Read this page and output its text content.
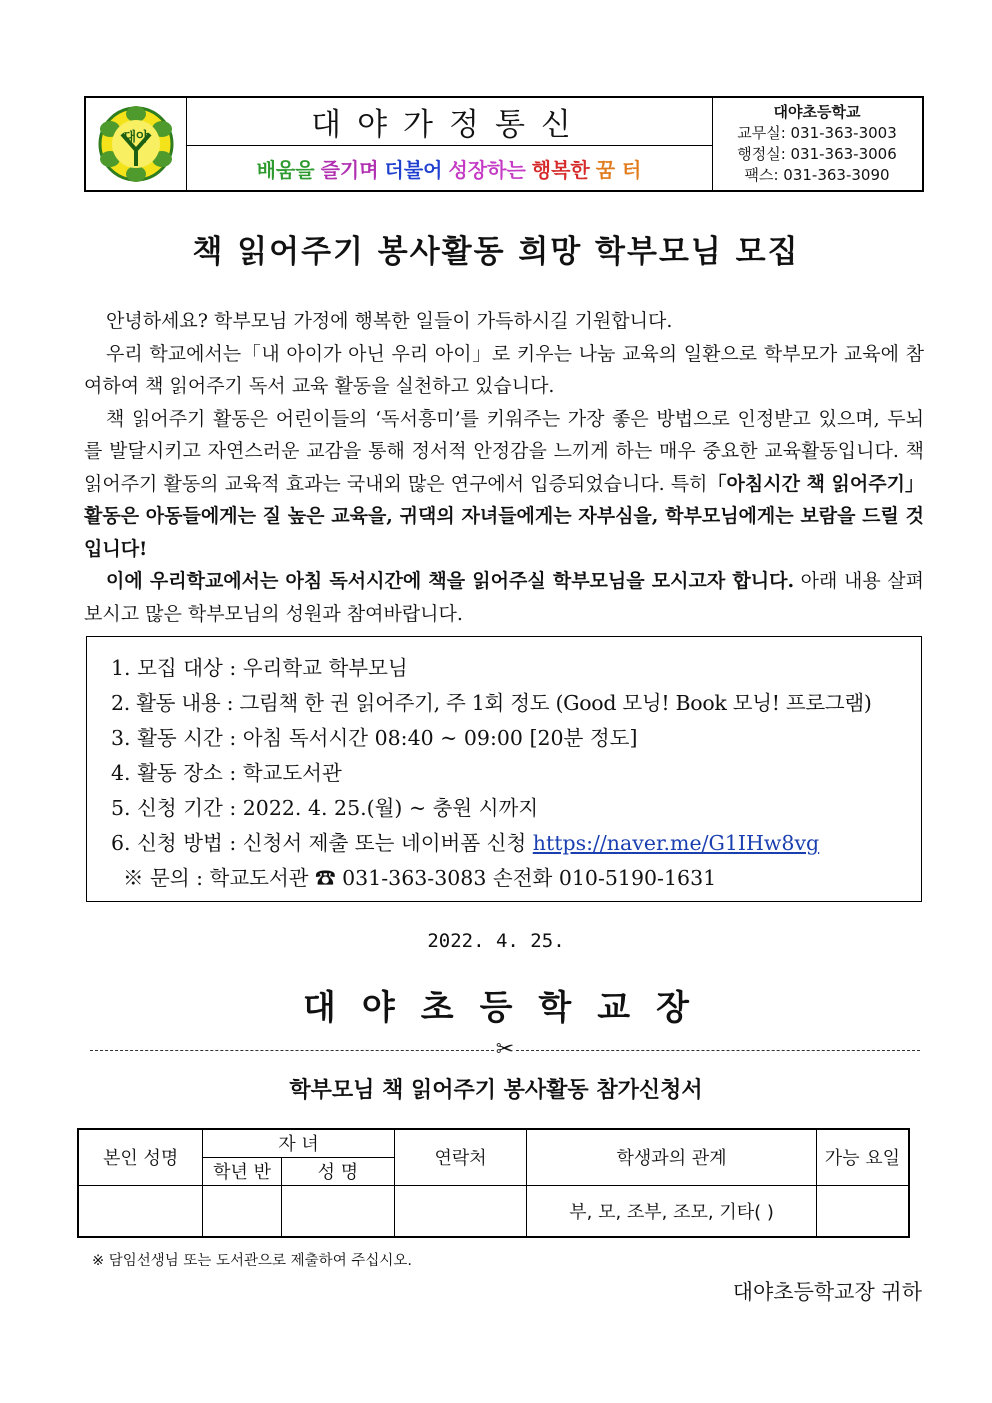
대야	대야가정통신
배움을 즐기며 더불어 성장하는 행복한 꿈 터
대야초등학교
교무실: 031-363-3003
행정실: 031-363-3006
팩스: 031-363-3090
책 읽어주기 봉사활동 희망 학부모님 모집

안녕하세요? 학부모님 가정에 행복한 일들이 가득하시길 기원합니다.

우리 학교에서는「내 아이가 아닌 우리 아이」로 키우는 나눔 교육의 일환으로 학부모가 교육에 참여하여 책 읽어주기 독서 교육 활동을 실천하고 있습니다.

책 읽어주기 활동은 어린이들의 ‘독서흥미’를 키워주는 가장 좋은 방법으로 인정받고 있으며, 두뇌를 발달시키고 자연스러운 교감을 통해 정서적 안정감을 느끼게 하는 매우 중요한 교육활동입니다. 책 읽어주기 활동의 교육적 효과는 국내외 많은 연구에서 입증되었습니다. 특히「아침시간 책 읽어주기」활동은 아동들에게는 질 높은 교육을, 귀댁의 자녀들에게는 자부심을, 학부모님에게는 보람을 드릴 것입니다!

이에 우리학교에서는 아침 독서시간에 책을 읽어주실 학부모님을 모시고자 합니다. 아래 내용 살펴보시고 많은 학부모님의 성원과 참여바랍니다.

1. 모집 대상 : 우리학교 학부모님
2. 활동 내용 : 그림책 한 권 읽어주기, 주 1회 정도 (Good 모닝! Book 모닝! 프로그램)
3. 활동 시간 : 아침 독서시간 08:40 ~ 09:00 [20분 정도]
4. 활동 장소 : 학교도서관
5. 신청 기간 : 2022. 4. 25.(월) ~ 충원 시까지
6. 신청 방법 : 신청서 제출 또는 네이버폼 신청 https://naver.me/G1IHw8vg
※ 문의 : 학교도서관 ☎ 031-363-3083 손전화 010-5190-1631
2022. 4. 25.
대야초등학교장
✂
학부모님 책 읽어주기 봉사활동 참가신청서
본인 성명	자 녀		연락처	학생과의 관계	가능 요일
	학년 반	성 명			
				부, 모, 조부, 조모, 기타( )	
※ 담임선생님 또는 도서관으로 제출하여 주십시오.
대야초등학교장 귀하
